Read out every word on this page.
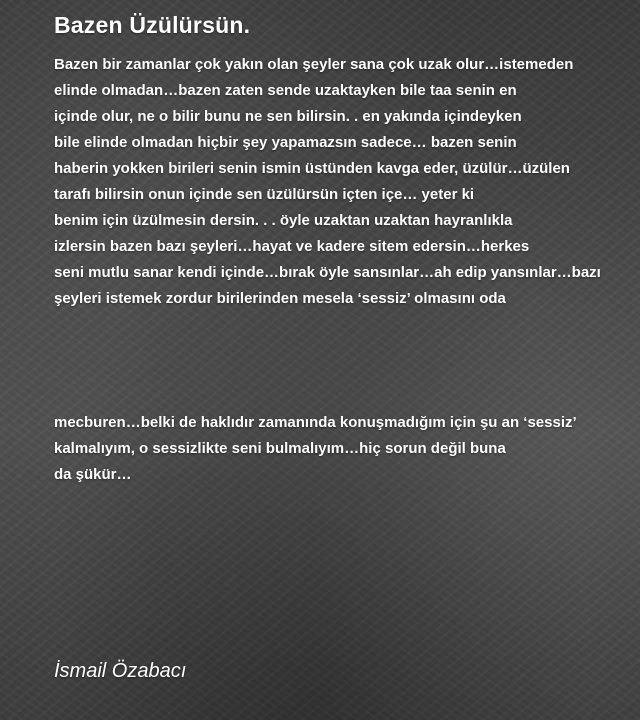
Bazen Üzülürsün.

Bazen bir zamanlar çok yakın olan şeyler sana çok uzak olur…istemeden
elinde olmadan…bazen zaten sende uzaktayken bile taa senin en
içinde olur, ne o bilir bunu ne sen bilirsin. . en yakında içindeyken
bile elinde olmadan hiçbir şey yapamazsın sadece… bazen senin
haberin yokken birileri senin ismin üstünden kavga eder, üzülür…üzülen
tarafı bilirsin onun içinde sen üzülürsün içten içe… yeter ki
benim için üzülmesin dersin. . . öyle uzaktan uzaktan hayranlıkla
izlersin bazen bazı şeyleri…hayat ve kadere sitem edersin…herkes
seni mutlu sanar kendi içinde…bırak öyle sansınlar…ah edip yansınlar…bazı
şeyleri istemek zordur birilerinden mesela ‘sessiz’ olmasını oda

mecburen…belki de haklıdır zamanında konuşmadığım için şu an ‘sessiz’
kalmalıyım, o sessizlikte seni bulmalıyım…hiç sorun değil buna
da şükür…

İsmail Özabacı
